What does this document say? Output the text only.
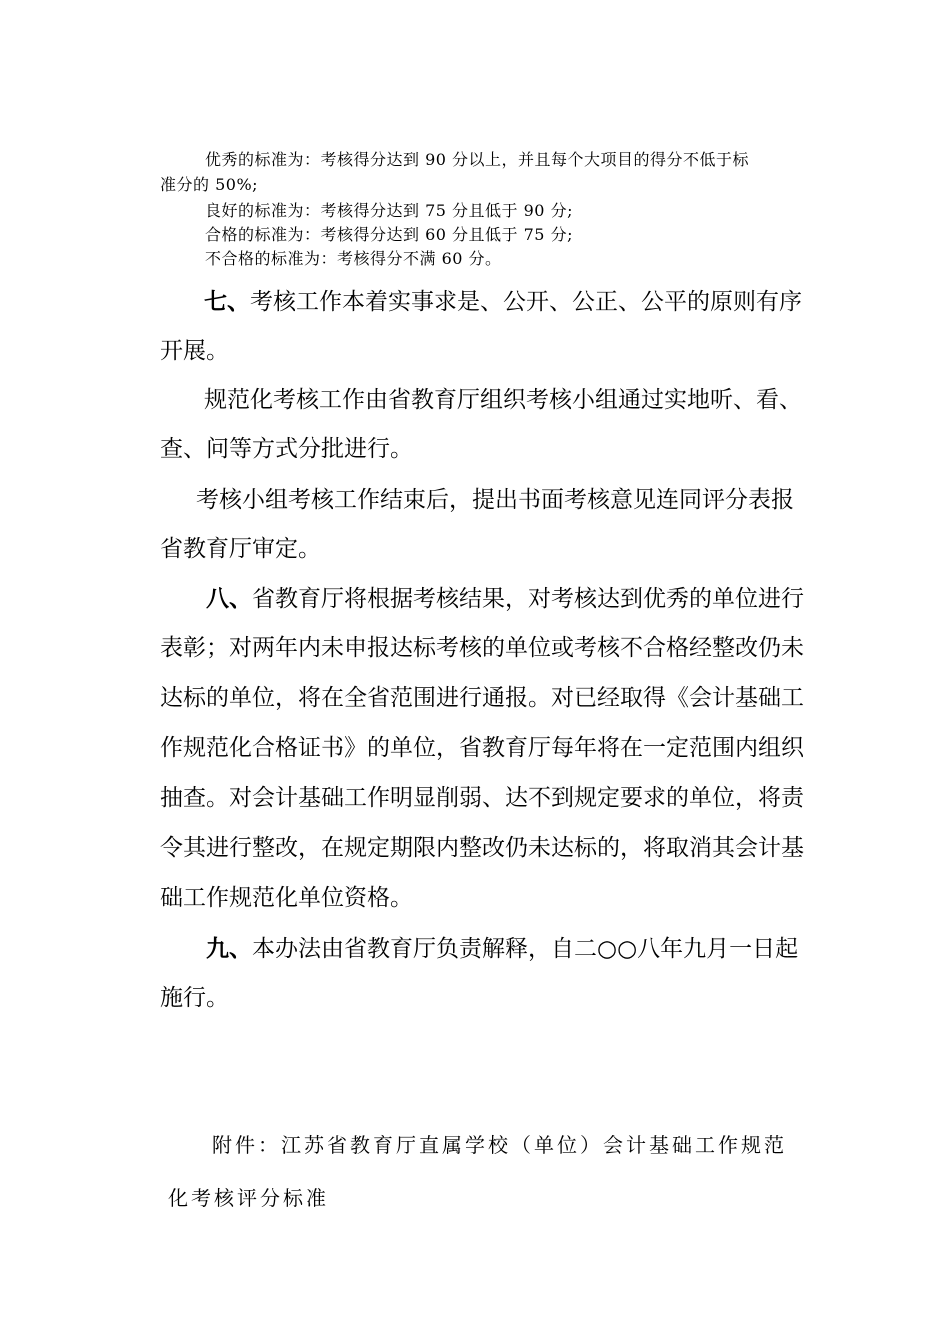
优秀的标准为：考核得分达到 90 分以上，并且每个大项目的得分不低于标

准分的 50%;

良好的标准为：考核得分达到 75 分且低于 90 分;

合格的标准为：考核得分达到 60 分且低于 75 分;

不合格的标准为：考核得分不满 60 分。

七、考核工作本着实事求是、公开、公正、公平的原则有序

开展。

规范化考核工作由省教育厅组织考核小组通过实地听、看、

查、问等方式分批进行。

考核小组考核工作结束后，提出书面考核意见连同评分表报

省教育厅审定。

八、省教育厅将根据考核结果，对考核达到优秀的单位进行

表彰；对两年内未申报达标考核的单位或考核不合格经整改仍未

达标的单位，将在全省范围进行通报。对已经取得《会计基础工

作规范化合格证书》的单位，省教育厅每年将在一定范围内组织

抽查。对会计基础工作明显削弱、达不到规定要求的单位，将责

令其进行整改，在规定期限内整改仍未达标的，将取消其会计基

础工作规范化单位资格。

九、本办法由省教育厅负责解释，自二○○八年九月一日起

施行。

附件：江苏省教育厅直属学校（单位）会计基础工作规范

化考核评分标准
